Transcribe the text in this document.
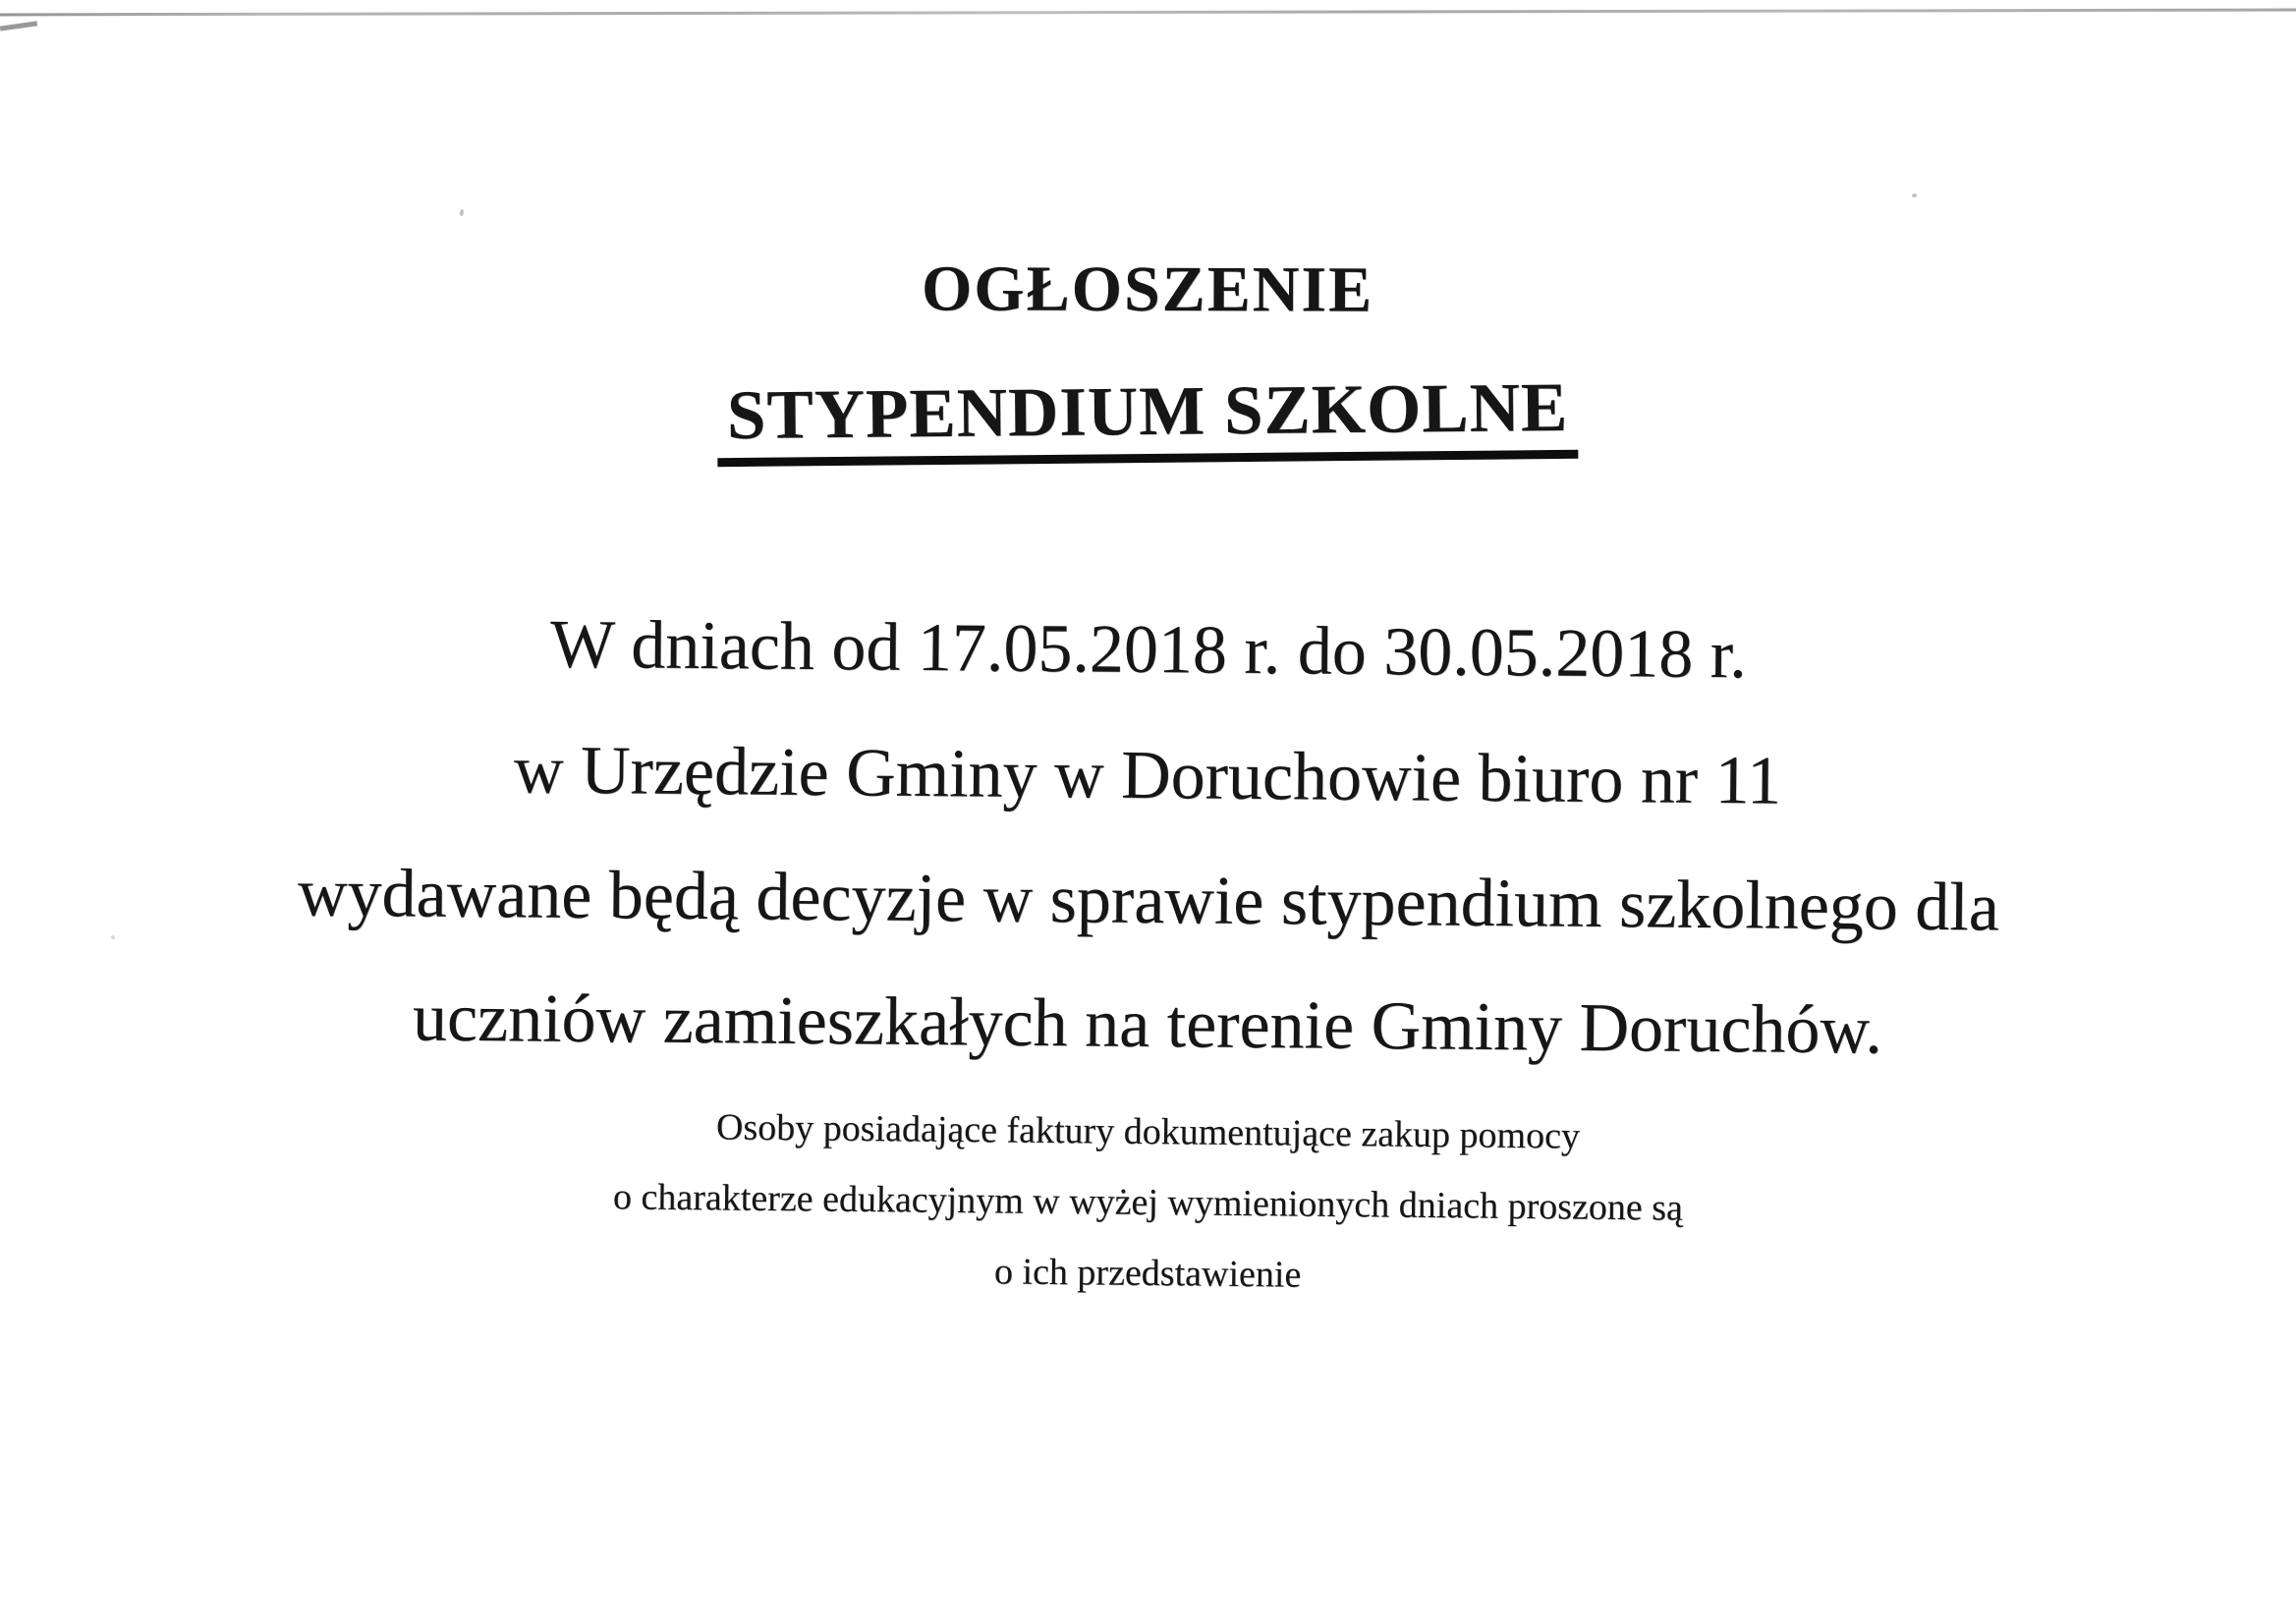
OGŁOSZENIE
STYPENDIUM SZKOLNE
W dniach od 17.05.2018 r. do 30.05.2018 r.
w Urzędzie Gminy w Doruchowie biuro nr 11
wydawane będą decyzje w sprawie stypendium szkolnego dla
uczniów zamieszkałych na terenie Gminy Doruchów.
Osoby posiadające faktury dokumentujące zakup pomocy
o charakterze edukacyjnym w wyżej wymienionych dniach proszone są
o ich przedstawienie
